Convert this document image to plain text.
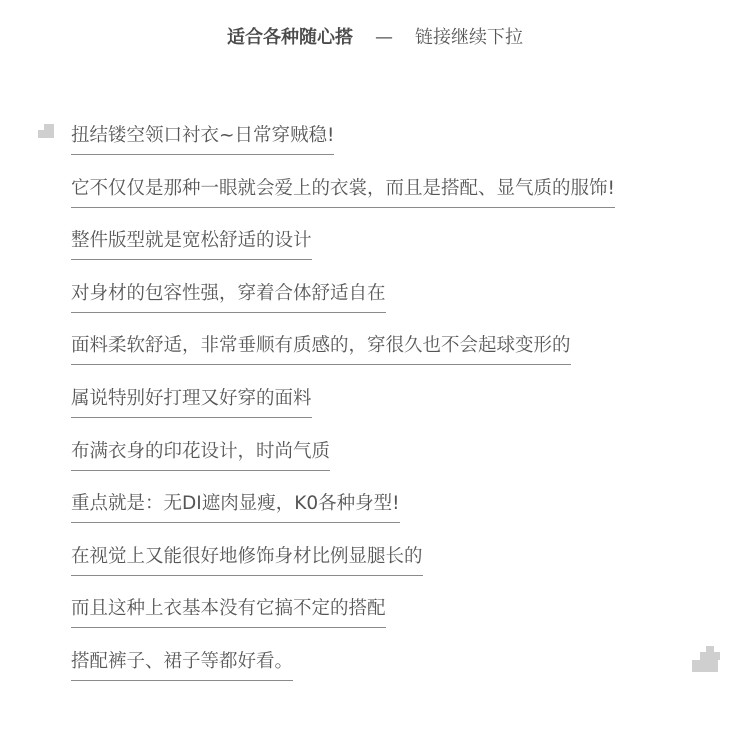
适合各种随心搭 — 链接继续下拉
扭结镂空领口衬衣~日常穿贼稳!
它不仅仅是那种一眼就会爱上的衣裳，而且是搭配、显气质的服饰!
整件版型就是宽松舒适的设计
对身材的包容性强，穿着合体舒适自在
面料柔软舒适，非常垂顺有质感的，穿很久也不会起球变形的
属说特别好打理又好穿的面料
布满衣身的印花设计，时尚气质
重点就是：无DI遮肉显瘦，K0各种身型!
在视觉上又能很好地修饰身材比例显腿长的
而且这种上衣基本没有它搞不定的搭配
搭配裤子、裙子等都好看。
